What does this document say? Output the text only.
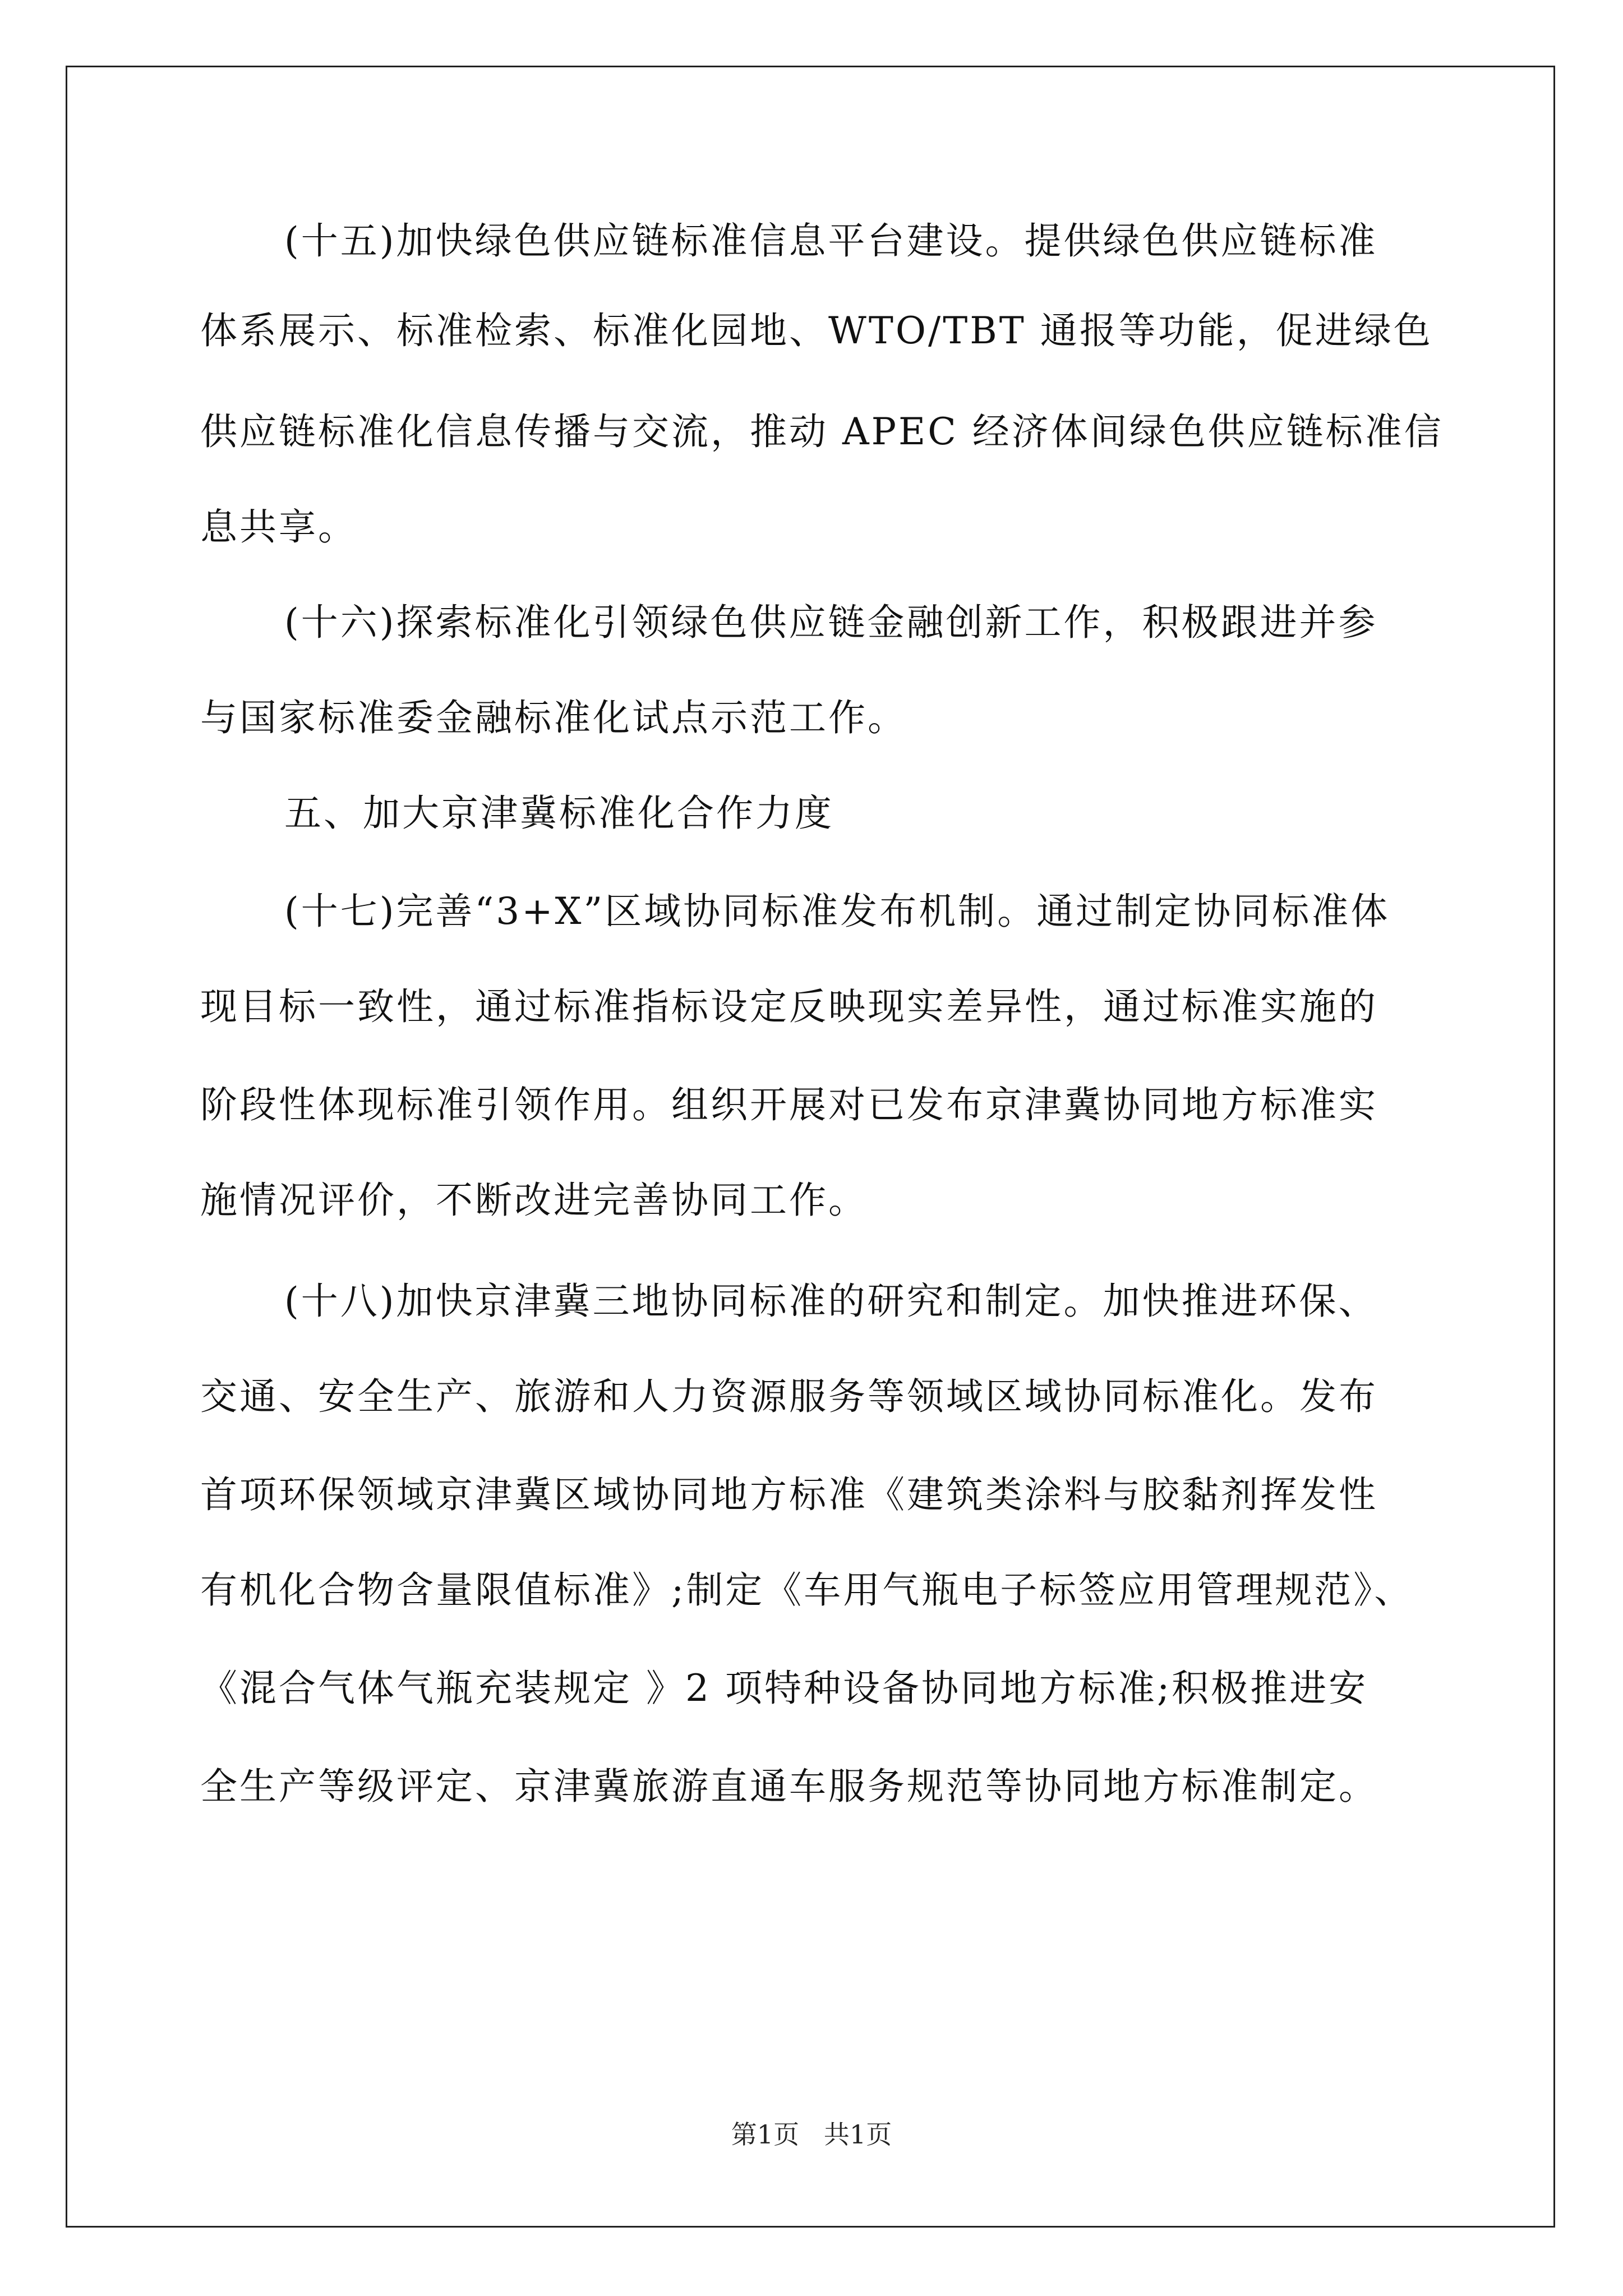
(十五)加快绿色供应链标准信息平台建设。提供绿色供应链标准
体系展示、标准检索、标准化园地、WTO/TBT 通报等功能，促进绿色
供应链标准化信息传播与交流，推动 APEC 经济体间绿色供应链标准信
息共享。
(十六)探索标准化引领绿色供应链金融创新工作，积极跟进并参
与国家标准委金融标准化试点示范工作。
五、加大京津冀标准化合作力度
(十七)完善“3+X”区域协同标准发布机制。通过制定协同标准体
现目标一致性，通过标准指标设定反映现实差异性，通过标准实施的
阶段性体现标准引领作用。组织开展对已发布京津冀协同地方标准实
施情况评价，不断改进完善协同工作。
(十八)加快京津冀三地协同标准的研究和制定。加快推进环保、
交通、安全生产、旅游和人力资源服务等领域区域协同标准化。发布
首项环保领域京津冀区域协同地方标准《建筑类涂料与胶黏剂挥发性
有机化合物含量限值标准》;制定《车用气瓶电子标签应用管理规范》、
《混合气体气瓶充装规定 》2 项特种设备协同地方标准;积极推进安
全生产等级评定、京津冀旅游直通车服务规范等协同地方标准制定。
第1页   共1页
